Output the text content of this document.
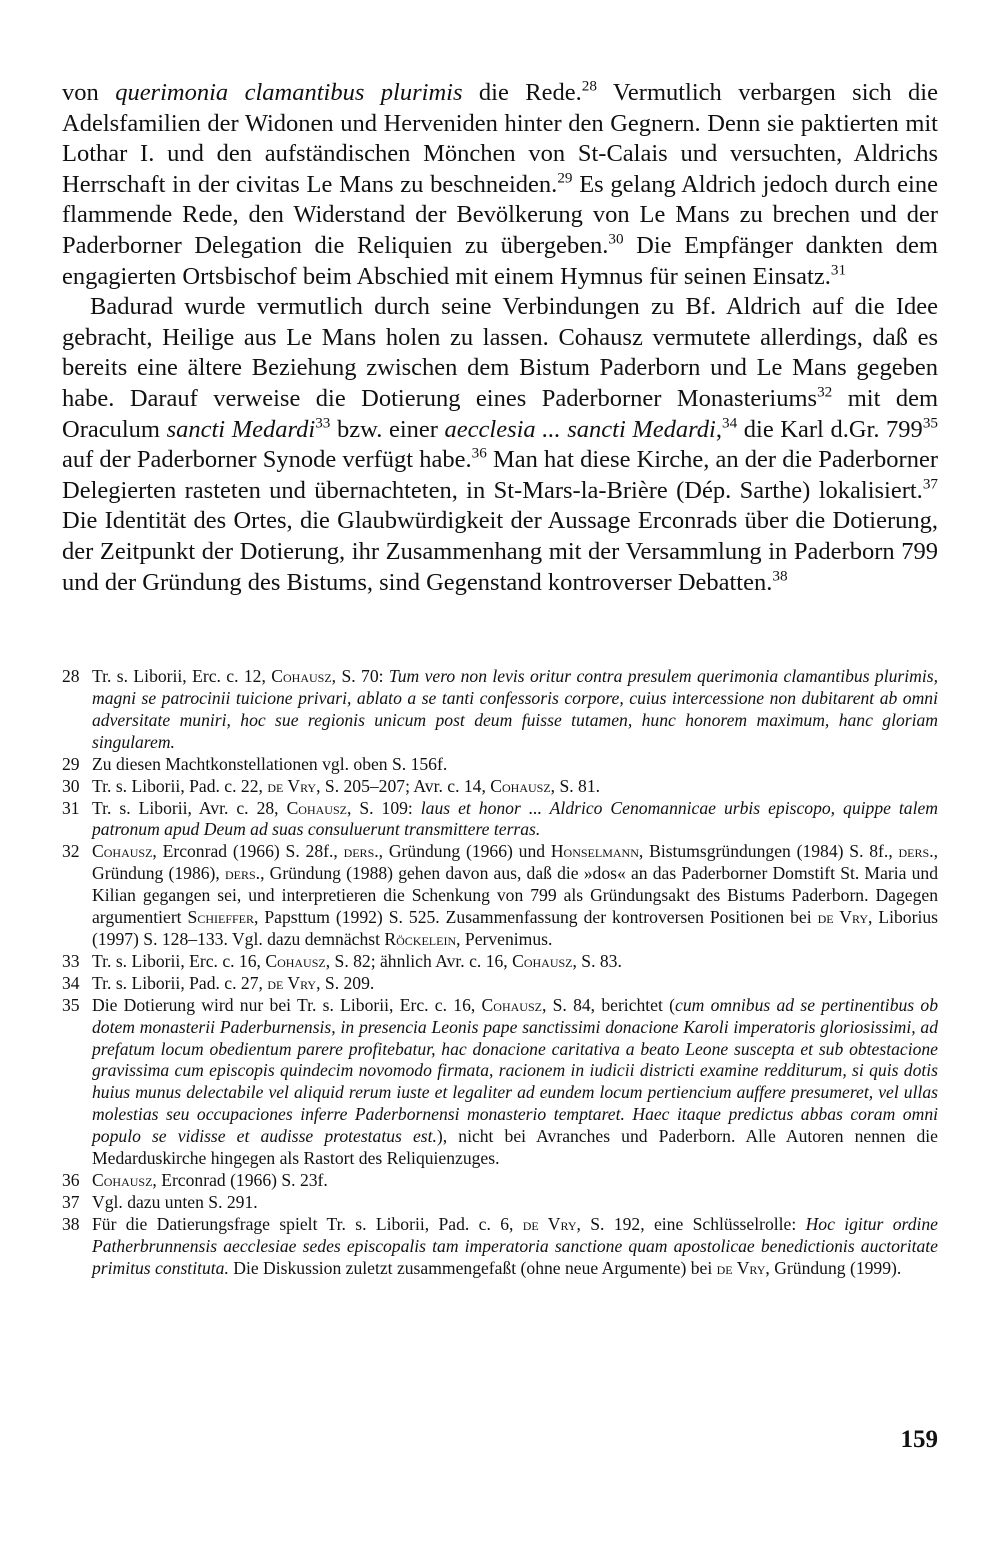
von querimonia clamantibus plurimis die Rede.$^{28}$ Vermutlich verbargen sich die Adelsfamilien der Widonen und Herveniden hinter den Gegnern. Denn sie paktierten mit Lothar I. und den aufständischen Mönchen von St-Calais und versuchten, Aldrichs Herrschaft in der civitas Le Mans zu beschneiden.$^{29}$ Es gelang Aldrich jedoch durch eine flammende Rede, den Widerstand der Bevölkerung von Le Mans zu brechen und der Paderborner Delegation die Reliquien zu übergeben.$^{30}$ Die Empfänger dankten dem engagierten Ortsbischof beim Abschied mit einem Hymnus für seinen Einsatz.$^{31}$

Badurad wurde vermutlich durch seine Verbindungen zu Bf. Aldrich auf die Idee gebracht, Heilige aus Le Mans holen zu lassen. Cohausz vermutete allerdings, daß es bereits eine ältere Beziehung zwischen dem Bistum Paderborn und Le Mans gegeben habe. Darauf verweise die Dotierung eines Paderborner Monasteriums$^{32}$ mit dem Oraculum sancti Medardi$^{33}$ bzw. einer aecclesia ... sancti Medardi,$^{34}$ die Karl d.Gr. $799^{35}$ auf der Paderborner Synode verfügt habe.$^{36}$ Man hat diese Kirche, an der die Paderborner Delegierten rasteten und übernachteten, in St-Mars-la-Brière (Dép. Sarthe) lokalisiert.$^{37}$ Die Identität des Ortes, die Glaubwürdigkeit der Aussage Erconrads über die Dotierung, der Zeitpunkt der Dotierung, ihr Zusammenhang mit der Versammlung in Paderborn 799 und der Gründung des Bistums, sind Gegenstand kontroverser Debatten.$^{38}$

28 Tr. s. Liborii, Erc. c. 12, Cohausz, S. 70: Tum vero non levis oritur contra presulem querimonia clamantibus plurimis, magni se patrocinii tuicione privari, ablato a se tanti confessoris corpore, cuius intercessione non dubitarent ab omni adversitate muniri, hoc sue regionis unicum post deum fuisse tutamen, hunc honorem maximum, hanc gloriam singularem.
29 Zu diesen Machtkonstellationen vgl. oben S. 156f.
30 Tr. s. Liborii, Pad. c. 22, de Vry, S. 205–207; Avr. c. 14, Cohausz, S. 81.
31 Tr. s. Liborii, Avr. c. 28, Cohausz, S. 109: laus et honor ... Aldrico Cenomannicae urbis episcopo, quippe talem patronum apud Deum ad suas consuluerunt transmittere terras.
32 Cohausz, Erconrad (1966) S. 28f., ders., Gründung (1966) und Honselmann, Bistumsgründungen (1984) S. 8f., ders., Gründung (1986), ders., Gründung (1988) gehen davon aus, daß die »dos« an das Paderborner Domstift St. Maria und Kilian gegangen sei, und interpretieren die Schenkung von 799 als Gründungsakt des Bistums Paderborn. Dagegen argumentiert Schieffer, Papsttum (1992) S. 525. Zusammenfassung der kontroversen Positionen bei de Vry, Liborius (1997) S. 128–133. Vgl. dazu demnächst Röckelein, Pervenimus.
33 Tr. s. Liborii, Erc. c. 16, Cohausz, S. 82; ähnlich Avr. c. 16, Cohausz, S. 83.
34 Tr. s. Liborii, Pad. c. 27, de Vry, S. 209.
35 Die Dotierung wird nur bei Tr. s. Liborii, Erc. c. 16, Cohausz, S. 84, berichtet (cum omnibus ad se pertinentibus ob dotem monasterii Paderburnensis, in presencia Leonis pape sanctissimi donacione Karoli imperatoris gloriosissimi, ad prefatum locum obedientum parere profitebatur, hac donacione caritativa a beato Leone suscepta et sub obtestacione gravissima cum episcopis quindecim novomodo firmata, racionem in iudicii districti examine redditurum, si quis dotis huius munus delectabile vel aliquid rerum iuste et legaliter ad eundem locum pertiencium auffere presumeret, vel ullas molestias seu occupaciones inferre Paderbornensi monasterio temptaret. Haec itaque predictus abbas coram omni populo se vidisse et audisse protestatus est.), nicht bei Avranches und Paderborn. Alle Autoren nennen die Medarduskirche hingegen als Rastort des Reliquienzuges.
36 Cohausz, Erconrad (1966) S. 23f.
37 Vgl. dazu unten S. 291.
38 Für die Datierungsfrage spielt Tr. s. Liborii, Pad. c. 6, de Vry, S. 192, eine Schlüsselrolle: Hoc igitur ordine Patherbrunnensis aecclesiae sedes episcopalis tam imperatoria sanctione quam apostolicae benedictionis auctoritate primitus constituta. Die Diskussion zuletzt zusammengefaßt (ohne neue Argumente) bei de Vry, Gründung (1999).
159
